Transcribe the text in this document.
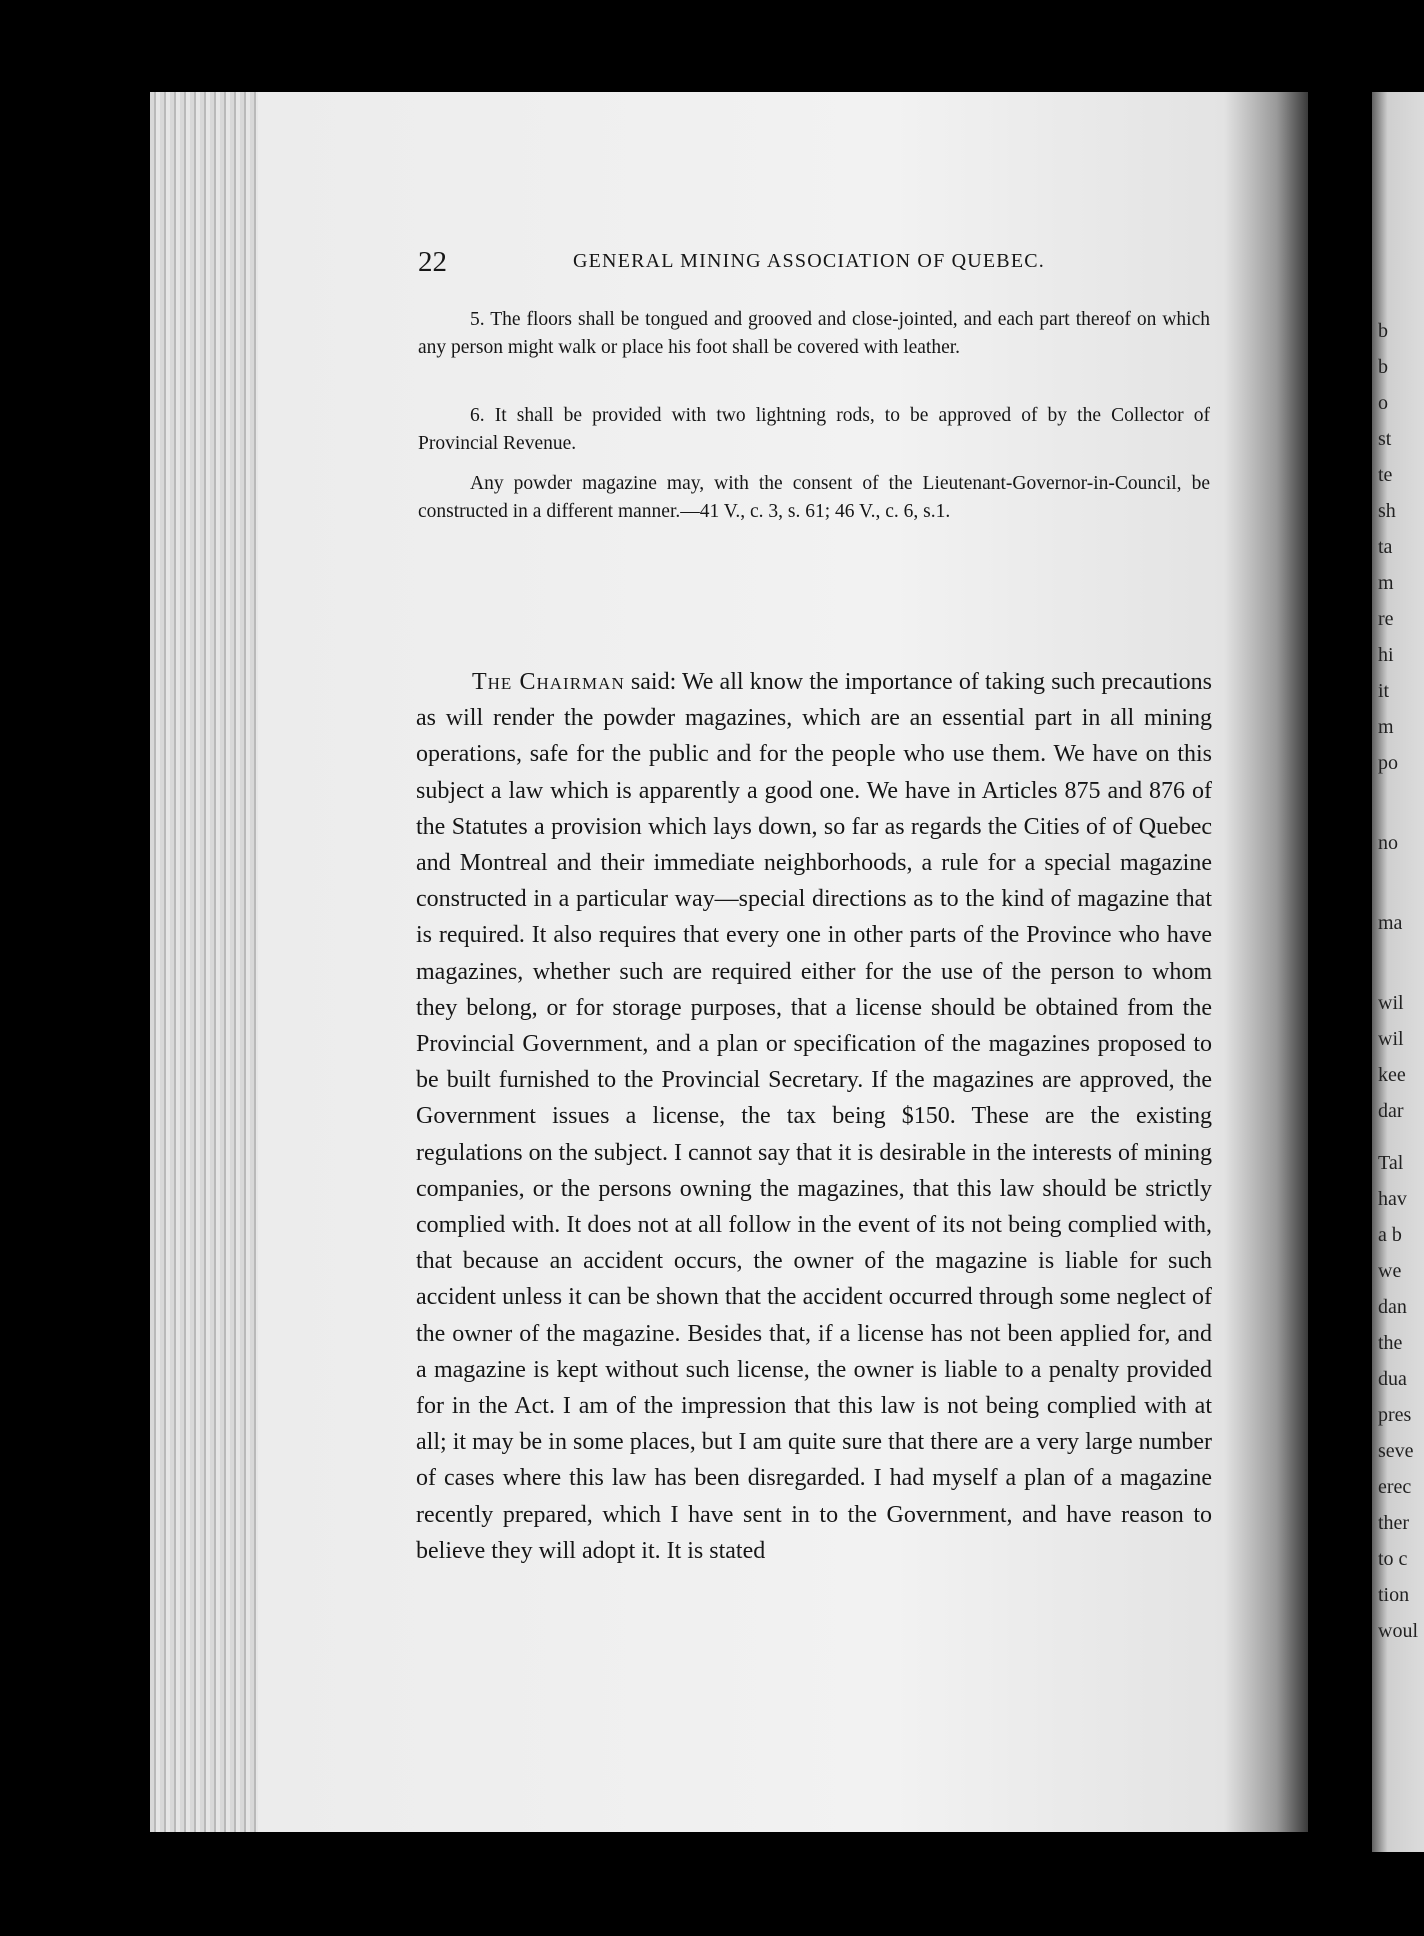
22	GENERAL MINING ASSOCIATION OF QUEBEC.

5. The floors shall be tongued and grooved and close-jointed, and each part thereof on which any person might walk or place his foot shall be covered with leather.

6. It shall be provided with two lightning rods, to be approved of by the Collector of Provincial Revenue.

Any powder magazine may, with the consent of the Lieutenant-Governor-in-Council, be constructed in a different manner.—41 V., c. 3, s. 61; 46 V., c. 6, s.1.

The Chairman said: We all know the importance of taking such precautions as will render the powder magazines, which are an essential part in all mining operations, safe for the public and for the people who use them. We have on this subject a law which is apparently a good one. We have in Articles 875 and 876 of the Statutes a provision which lays down, so far as regards the Cities of of Quebec and Montreal and their immediate neighborhoods, a rule for a special magazine constructed in a particular way—special directions as to the kind of magazine that is required. It also requires that every one in other parts of the Province who have magazines, whether such are required either for the use of the person to whom they belong, or for storage purposes, that a license should be obtained from the Provincial Government, and a plan or specification of the magazines proposed to be built furnished to the Provincial Secretary. If the magazines are approved, the Government issues a license, the tax being $150. These are the existing regulations on the subject. I cannot say that it is desirable in the interests of mining companies, or the persons owning the magazines, that this law should be strictly complied with. It does not at all follow in the event of its not being complied with, that because an accident occurs, the owner of the magazine is liable for such accident unless it can be shown that the accident occurred through some neglect of the owner of the magazine. Besides that, if a license has not been applied for, and a magazine is kept without such license, the owner is liable to a penalty provided for in the Act. I am of the impression that this law is not being complied with at all; it may be in some places, but I am quite sure that there are a very large number of cases where this law has been disregarded. I had myself a plan of a magazine recently prepared, which I have sent in to the Government, and have reason to believe they will adopt it. It is stated

b
b
o
st
te
sh
ta
m
re
hi
it
m
po
no
ma
wil
wil
kee
dar
Tal
hav
a b
we
dan
the
dua
pres
seve
erec
ther
to c
tion
woul
